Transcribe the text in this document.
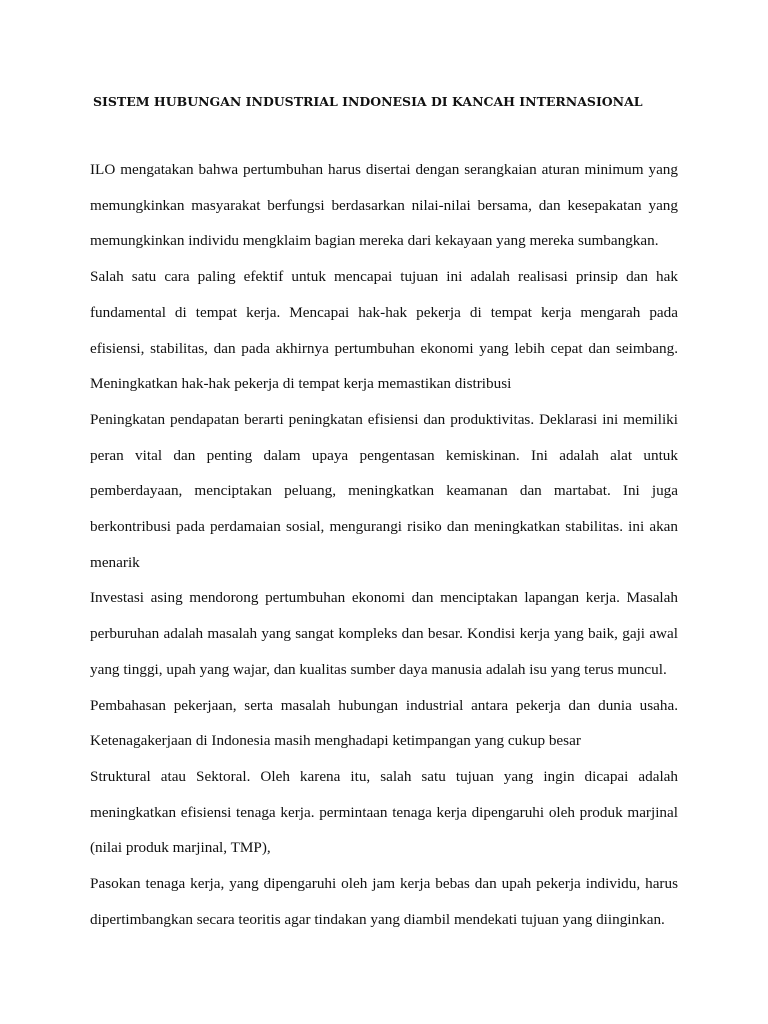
SISTEM HUBUNGAN INDUSTRIAL INDONESIA DI KANCAH INTERNASIONAL

ILO mengatakan bahwa pertumbuhan harus disertai dengan serangkaian aturan minimum yang memungkinkan masyarakat berfungsi berdasarkan nilai-nilai bersama, dan kesepakatan yang memungkinkan individu mengklaim bagian mereka dari kekayaan yang mereka sumbangkan.

Salah satu cara paling efektif untuk mencapai tujuan ini adalah realisasi prinsip dan hak fundamental di tempat kerja. Mencapai hak-hak pekerja di tempat kerja mengarah pada efisiensi, stabilitas, dan pada akhirnya pertumbuhan ekonomi yang lebih cepat dan seimbang. Meningkatkan hak-hak pekerja di tempat kerja memastikan distribusi

Peningkatan pendapatan berarti peningkatan efisiensi dan produktivitas. Deklarasi ini memiliki peran vital dan penting dalam upaya pengentasan kemiskinan. Ini adalah alat untuk pemberdayaan, menciptakan peluang, meningkatkan keamanan dan martabat. Ini juga berkontribusi pada perdamaian sosial, mengurangi risiko dan meningkatkan stabilitas. ini akan menarik

Investasi asing mendorong pertumbuhan ekonomi dan menciptakan lapangan kerja. Masalah perburuhan adalah masalah yang sangat kompleks dan besar. Kondisi kerja yang baik, gaji awal yang tinggi, upah yang wajar, dan kualitas sumber daya manusia adalah isu yang terus muncul.

Pembahasan pekerjaan, serta masalah hubungan industrial antara pekerja dan dunia usaha. Ketenagakerjaan di Indonesia masih menghadapi ketimpangan yang cukup besar

Struktural atau Sektoral. Oleh karena itu, salah satu tujuan yang ingin dicapai adalah meningkatkan efisiensi tenaga kerja. permintaan tenaga kerja dipengaruhi oleh produk marjinal (nilai produk marjinal, TMP),

Pasokan tenaga kerja, yang dipengaruhi oleh jam kerja bebas dan upah pekerja individu, harus dipertimbangkan secara teoritis agar tindakan yang diambil mendekati tujuan yang diinginkan.
